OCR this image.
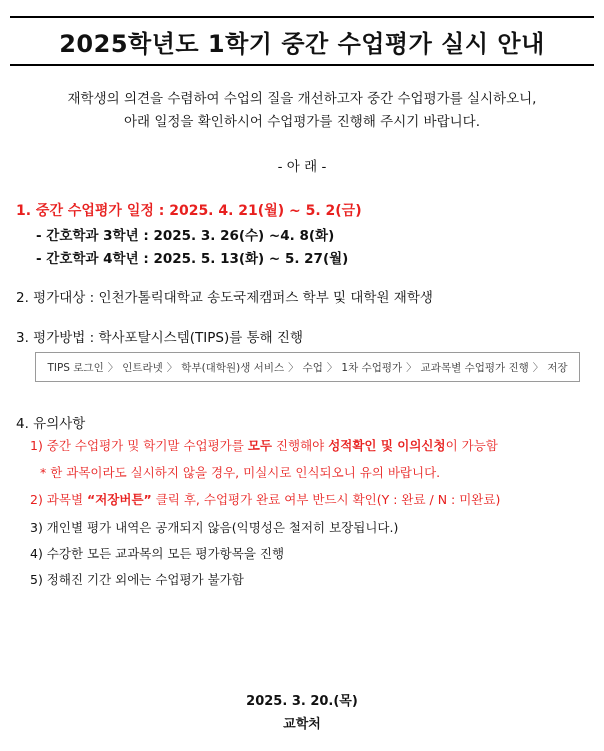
2025학년도 1학기 중간 수업평가 실시 안내
재학생의 의견을 수렴하여 수업의 질을 개선하고자 중간 수업평가를 실시하오니,
아래 일정을 확인하시어 수업평가를 진행해 주시기 바랍니다.
- 아 래 -
1. 중간 수업평가 일정 : 2025. 4. 21(월) ~ 5. 2(금)
- 간호학과 3학년 : 2025. 3. 26(수) ~4. 8(화)
- 간호학과 4학년 : 2025. 5. 13(화) ~ 5. 27(월)
2. 평가대상 : 인천가톨릭대학교 송도국제캠퍼스 학부 및 대학원 재학생
3. 평가방법 : 학사포탈시스템(TIPS)를 통해 진행
TIPS 로그인 〉 인트라넷 〉 학부(대학원)생 서비스 〉 수업 〉 1차 수업평가 〉 교과목별 수업평가 진행 〉 저장
4. 유의사항
1) 중간 수업평가 및 학기말 수업평가를 모두 진행해야 성적확인 및 이의신청이 가능함
* 한 과목이라도 실시하지 않을 경우, 미실시로 인식되오니 유의 바랍니다.
2) 과목별 “저장버튼” 클릭 후, 수업평가 완료 여부 반드시 확인(Y : 완료 / N : 미완료)
3) 개인별 평가 내역은 공개되지 않음(익명성은 철저히 보장됩니다.)
4) 수강한 모든 교과목의 모든 평가항목을 진행
5) 정해진 기간 외에는 수업평가 불가함
2025. 3. 20.(목)
교학처
